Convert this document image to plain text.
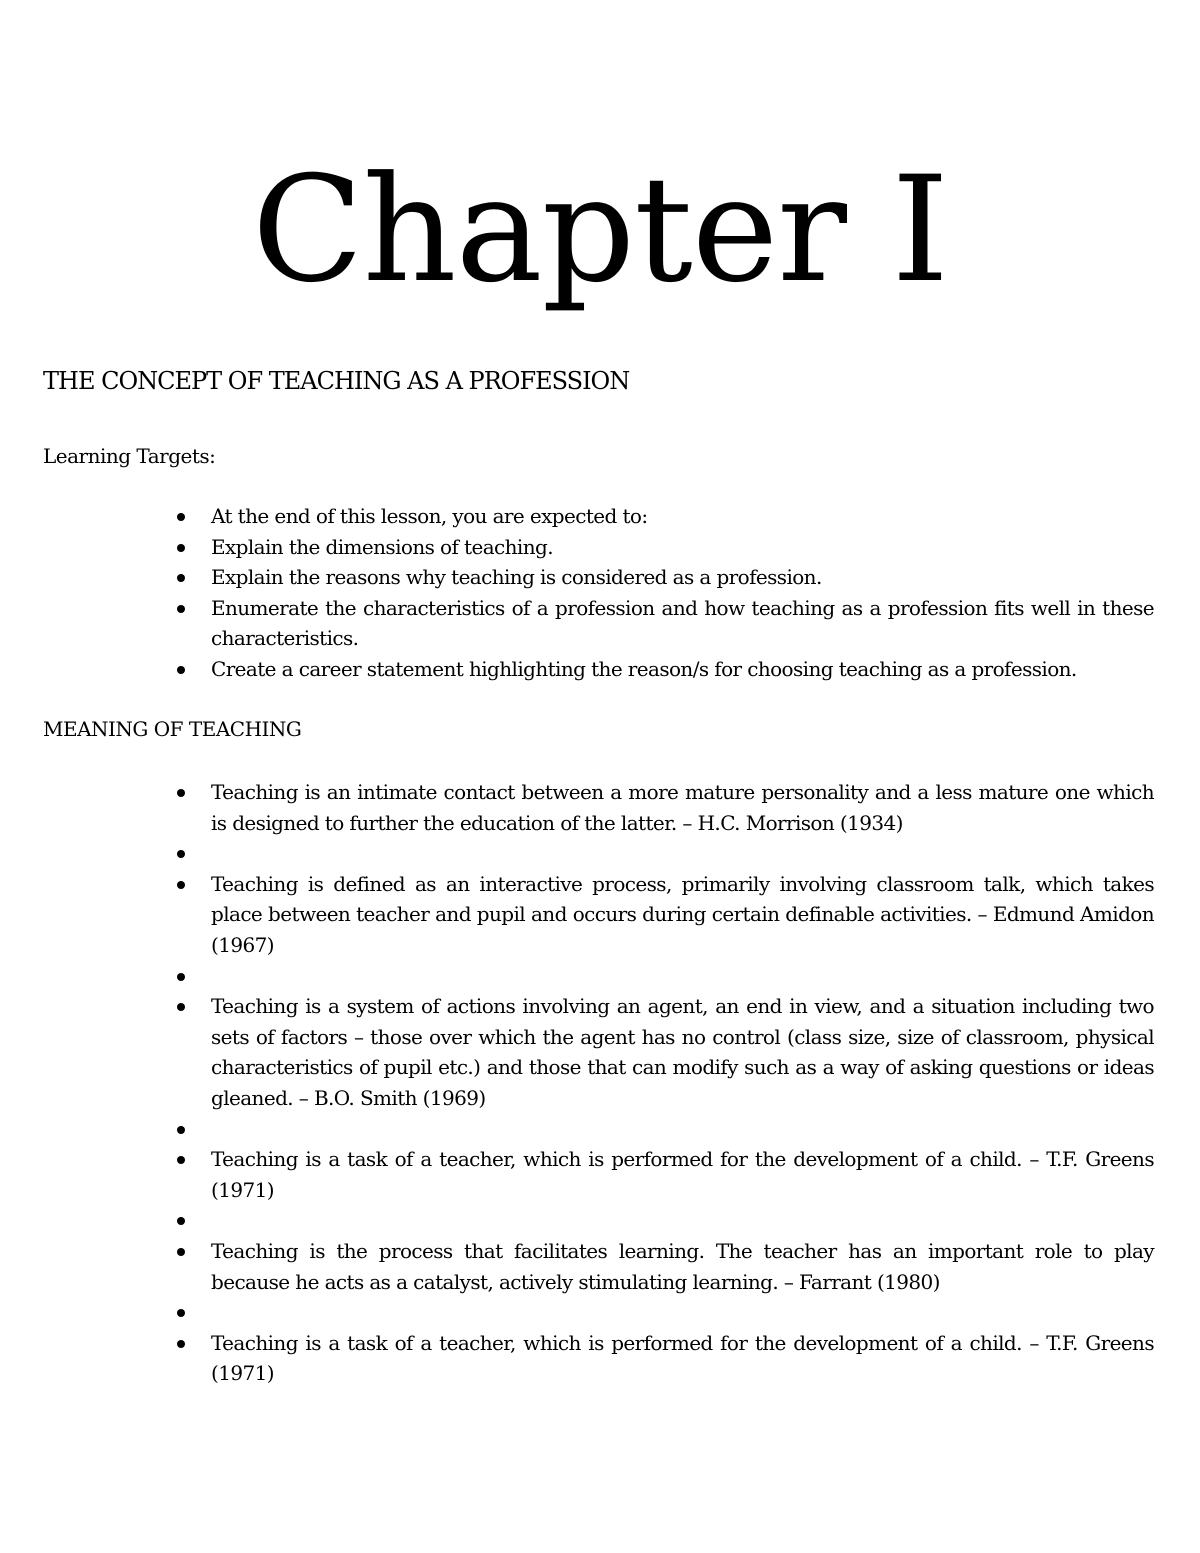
Chapter I
THE CONCEPT OF TEACHING AS A PROFESSION
Learning Targets:
At the end of this lesson, you are expected to:
Explain the dimensions of teaching.
Explain the reasons why teaching is considered as a profession.
Enumerate the characteristics of a profession and how teaching as a profession fits well in these characteristics.
Create a career statement highlighting the reason/s for choosing teaching as a profession.
MEANING OF TEACHING
Teaching is an intimate contact between a more mature personality and a less mature one which is designed to further the education of the latter. – H.C. Morrison (1934)
Teaching is defined as an interactive process, primarily involving classroom talk, which takes place between teacher and pupil and occurs during certain definable activities. – Edmund Amidon (1967)
Teaching is a system of actions involving an agent, an end in view, and a situation including two sets of factors – those over which the agent has no control (class size, size of classroom, physical characteristics of pupil etc.) and those that can modify such as a way of asking questions or ideas gleaned. – B.O. Smith (1969)
Teaching is a task of a teacher, which is performed for the development of a child. – T.F. Greens (1971)
Teaching is the process that facilitates learning. The teacher has an important role to play because he acts as a catalyst, actively stimulating learning. – Farrant (1980)
Teaching is a task of a teacher, which is performed for the development of a child. – T.F. Greens (1971)
